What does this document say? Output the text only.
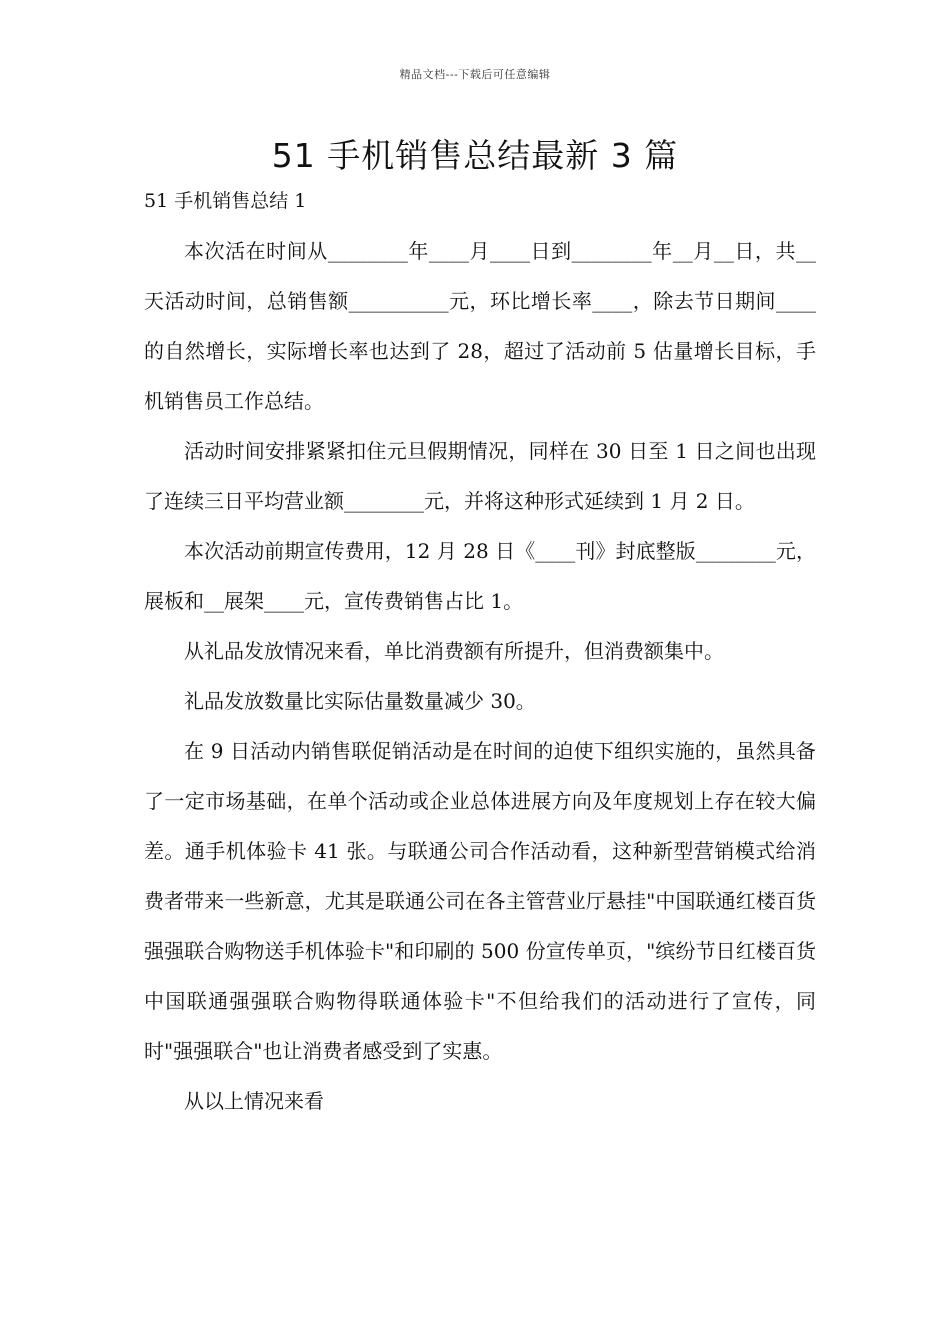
精品文档---下载后可任意编辑
51 手机销售总结最新 3 篇
51 手机销售总结 1

本次活在时间从________年____月____日到________年__月__日，共__天活动时间，总销售额__________元，环比增长率____，除去节日期间____的自然增长，实际增长率也达到了 28，超过了活动前 5 估量增长目标，手机销售员工作总结。

活动时间安排紧紧扣住元旦假期情况，同样在 30 日至 1 日之间也出现了连续三日平均营业额________元，并将这种形式延续到 1 月 2 日。

本次活动前期宣传费用，12 月 28 日《____刊》封底整版________元，展板和__展架____元，宣传费销售占比 1。

从礼品发放情况来看，单比消费额有所提升，但消费额集中。

礼品发放数量比实际估量数量减少 30。

在 9 日活动内销售联促销活动是在时间的迫使下组织实施的，虽然具备了一定市场基础，在单个活动或企业总体进展方向及年度规划上存在较大偏差。通手机体验卡 41 张。与联通公司合作活动看，这种新型营销模式给消费者带来一些新意，尤其是联通公司在各主管营业厅悬挂"中国联通红楼百货强强联合购物送手机体验卡"和印刷的 500 份宣传单页，"缤纷节日红楼百货中国联通强强联合购物得联通体验卡"不但给我们的活动进行了宣传，同时"强强联合"也让消费者感受到了实惠。

从以上情况来看
